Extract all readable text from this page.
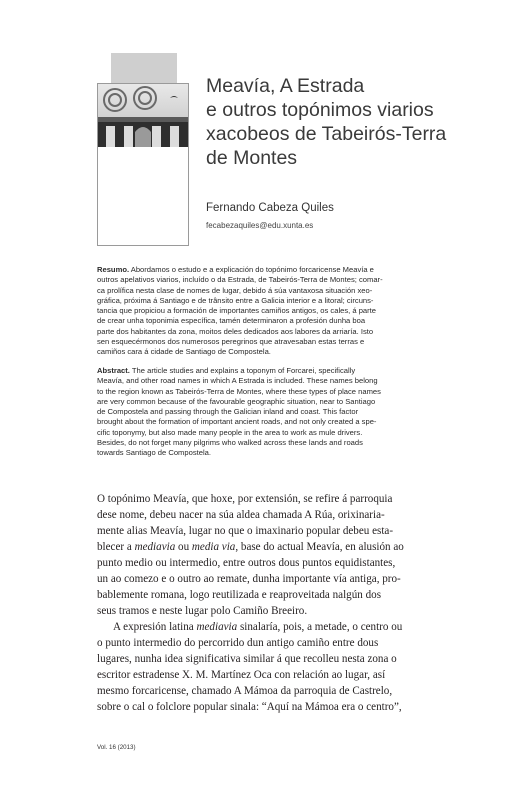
Meavía, A Estrada
e outros topónimos viarios
xacobeos de Tabeirós-Terra
de Montes
Fernando Cabeza Quiles
fecabezaquiles@edu.xunta.es
Resumo. Abordamos o estudo e a explicación do topónimo forcaricense Meavía e
outros apelativos viarios, incluído o da Estrada, de Tabeirós-Terra de Montes; comar-
ca prolífica nesta clase de nomes de lugar, debido á súa vantaxosa situación xeo-
gráfica, próxima á Santiago e de trânsito entre a Galicia interior e a litoral; circuns-
tancia que propiciou a formación de importantes camiños antigos, os cales, á parte
de crear unha toponimia específica, tamén determinaron a profesión dunha boa
parte dos habitantes da zona, moitos deles dedicados aos labores da arriaría. Isto
sen esquecérmonos dos numerosos peregrinos que atravesaban estas terras e
camiños cara á cidade de Santiago de Compostela.
Abstract. The article studies and explains a toponym of Forcarei, specifically
Meavía, and other road names in which A Estrada is included. These names belong
to the region known as Tabeirós-Terra de Montes, where these types of place names
are very common because of the favourable geographic situation, near to Santiago
de Compostela and passing through the Galician inland and coast. This factor
brought about the formation of important ancient roads, and not only created a spe-
cific toponymy, but also made many people in the area to work as mule drivers.
Besides, do not forget many pilgrims who walked across these lands and roads
towards Santiago de Compostela.
O topónimo Meavía, que hoxe, por extensión, se refire á parroquia
dese nome, debeu nacer na súa aldea chamada A Rúa, orixinaria-
mente alias Meavía, lugar no que o imaxinario popular debeu esta-
blecer a mediavia ou media via, base do actual Meavía, en alusión ao
punto medio ou intermedio, entre outros dous puntos equidistantes,
un ao comezo e o outro ao remate, dunha importante vía antiga, pro-
bablemente romana, logo reutilizada e reaproveitada nalgún dos
seus tramos e neste lugar polo Camiño Breeiro.
A expresión latina mediavia sinalaría, pois, a metade, o centro ou
o punto intermedio do percorrido dun antigo camiño entre dous
lugares, nunha idea significativa similar á que recolleu nesta zona o
escritor estradense X. M. Martínez Oca con relación ao lugar, así
mesmo forcaricense, chamado A Mámoa da parroquia de Castrelo,
sobre o cal o folclore popular sinala: “Aquí na Mámoa era o centro”,
Vol. 16 (2013)
